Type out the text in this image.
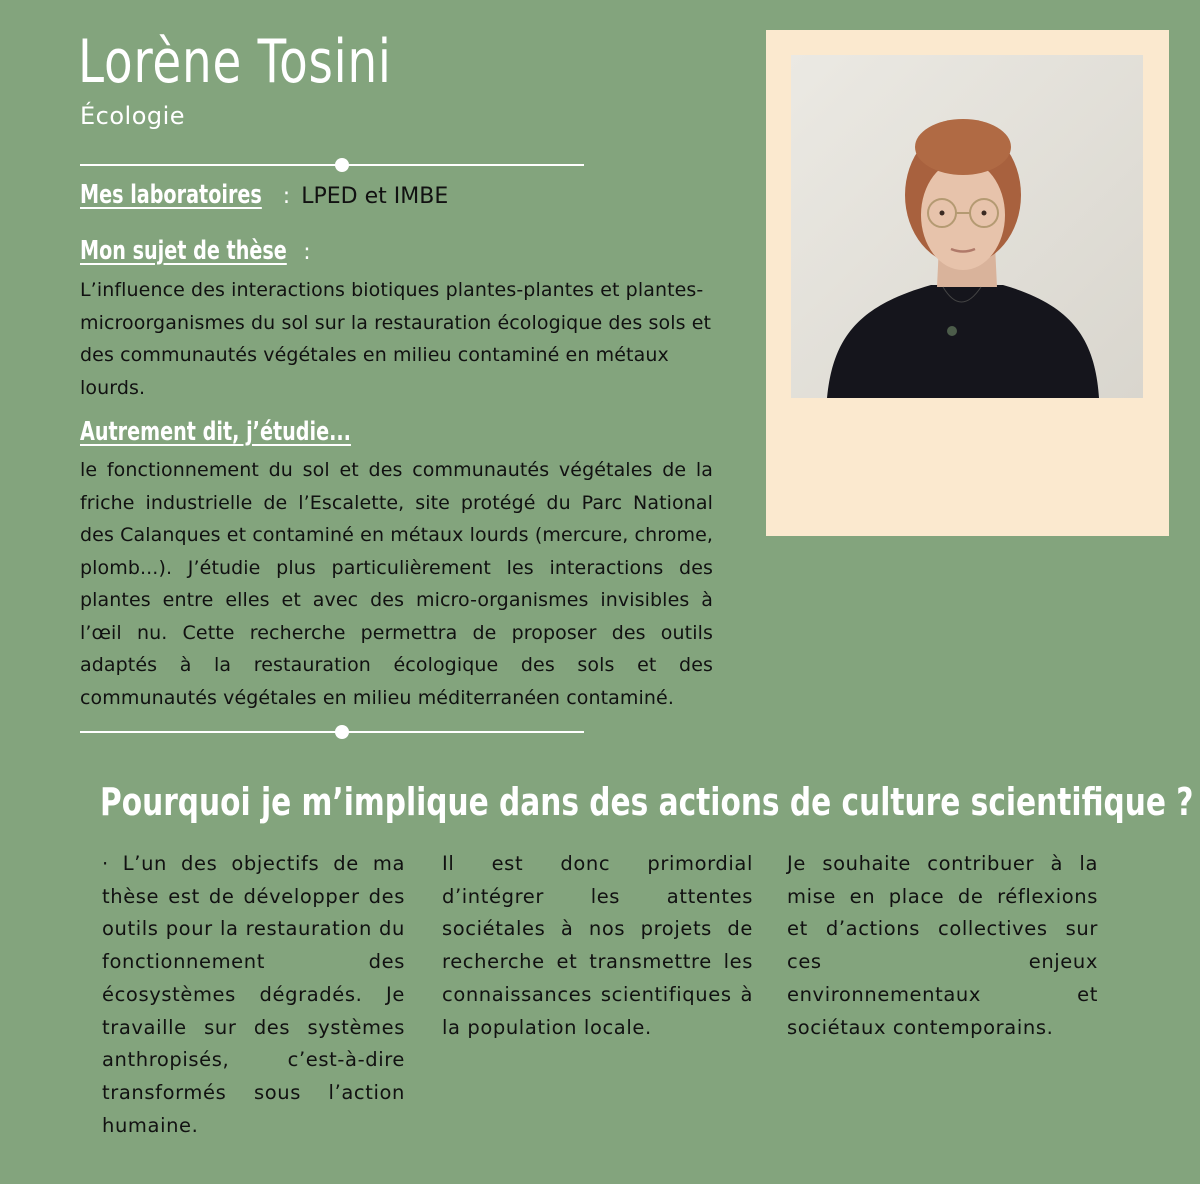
Lorène Tosini
Écologie
Mes laboratoires : LPED et IMBE
Mon sujet de thèse :
L’influence des interactions biotiques plantes-plantes et plantes-microorganismes du sol sur la restauration écologique des sols et des communautés végétales en milieu contaminé en métaux lourds.
Autrement dit, j’étudie...
le fonctionnement du sol et des communautés végétales de la friche industrielle de l’Escalette, site protégé du Parc National des Calanques et contaminé en métaux lourds (mercure, chrome, plomb...). J’étudie plus particulièrement les interactions des plantes entre elles et avec des micro-organismes invisibles à l’œil nu. Cette recherche permettra de proposer des outils adaptés à la restauration écologique des sols et des communautés végétales en milieu méditerranéen contaminé.
Pourquoi je m’implique dans des actions de culture scientifique ?
· L’un des objectifs de ma thèse est de développer des outils pour la restauration du fonctionnement des écosystèmes dégradés. Je travaille sur des systèmes anthropisés, c’est-à-dire transformés sous l’action humaine.
Il est donc primordial d’intégrer les attentes sociétales à nos projets de recherche et transmettre les connaissances scientifiques à la population locale.
Je souhaite contribuer à la mise en place de réflexions et d’actions collectives sur ces enjeux environnementaux et sociétaux contemporains.
